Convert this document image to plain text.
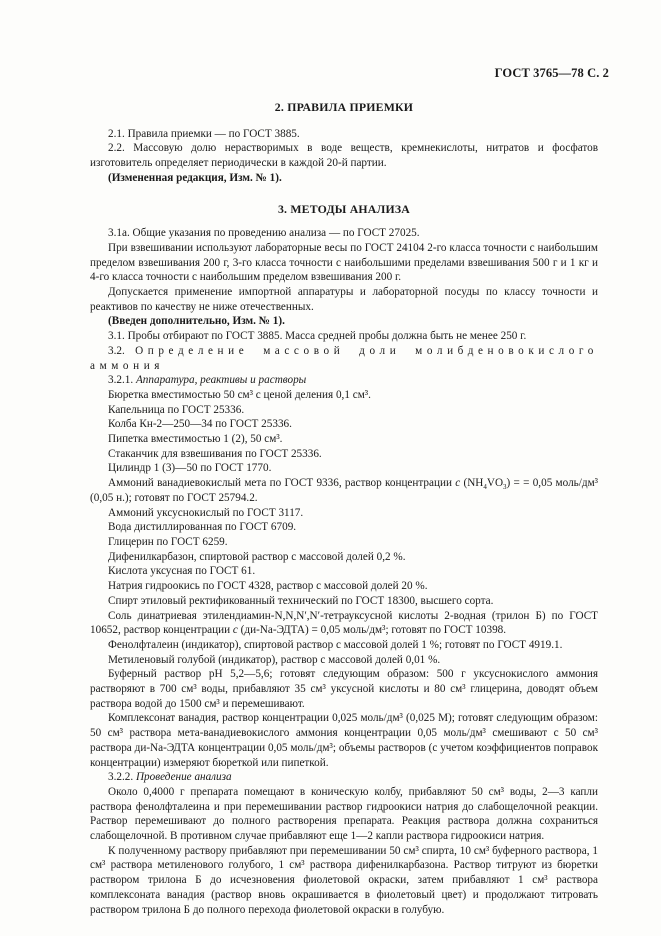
ГОСТ 3765—78 С. 2
2. ПРАВИЛА ПРИЕМКИ

2.1. Правила приемки — по ГОСТ 3885.

2.2. Массовую долю нерастворимых в воде веществ, кремнекислоты, нитратов и фосфатов изготовитель определяет периодически в каждой 20-й партии.

(Измененная редакция, Изм. № 1).

3. МЕТОДЫ АНАЛИЗА

3.1а. Общие указания по проведению анализа — по ГОСТ 27025.

При взвешивании используют лабораторные весы по ГОСТ 24104 2-го класса точности с наибольшим пределом взвешивания 200 г, 3-го класса точности с наибольшими пределами взвешивания 500 г и 1 кг и 4-го класса точности с наибольшим пределом взвешивания 200 г.

Допускается применение импортной аппаратуры и лабораторной посуды по классу точности и реактивов по качеству не ниже отечественных.

(Введен дополнительно, Изм. № 1).

3.1. Пробы отбирают по ГОСТ 3885. Масса средней пробы должна быть не менее 250 г.

3.2. Определение массовой доли молибденовокислого аммония

3.2.1. Аппаратура, реактивы и растворы

Бюретка вместимостью 50 см³ с ценой деления 0,1 см³.

Капельница по ГОСТ 25336.

Колба Кн-2—250—34 по ГОСТ 25336.

Пипетка вместимостью 1 (2), 50 см³.

Стаканчик для взвешивания по ГОСТ 25336.

Цилиндр 1 (3)—50 по ГОСТ 1770.

Аммоний ванадиевокислый мета по ГОСТ 9336, раствор концентрации c $(NH_4VO_3)$ = = 0,05 моль/дм³ (0,05 н.); готовят по ГОСТ 25794.2.

Аммоний уксуснокислый по ГОСТ 3117.

Вода дистиллированная по ГОСТ 6709.

Глицерин по ГОСТ 6259.

Дифенилкарбазон, спиртовой раствор с массовой долей 0,2 %.

Кислота уксусная по ГОСТ 61.

Натрия гидроокись по ГОСТ 4328, раствор с массовой долей 20 %.

Спирт этиловый ректификованный технический по ГОСТ 18300, высшего сорта.

Соль динатриевая этилендиамин-N,N,N′,N′-тетрауксусной кислоты 2-водная (трилон Б) по ГОСТ 10652, раствор концентрации c (ди-Na-ЭДТА) = 0,05 моль/дм³; готовят по ГОСТ 10398.

Фенолфталеин (индикатор), спиртовой раствор с массовой долей 1 %; готовят по ГОСТ 4919.1.

Метиленовый голубой (индикатор), раствор с массовой долей 0,01 %.

Буферный раствор pH 5,2—5,6; готовят следующим образом: 500 г уксуснокислого аммония растворяют в 700 см³ воды, прибавляют 35 см³ уксусной кислоты и 80 см³ глицерина, доводят объем раствора водой до 1500 см³ и перемешивают.

Комплексонат ванадия, раствор концентрации 0,025 моль/дм³ (0,025 М); готовят следующим образом: 50 см³ раствора мета-ванадиевокислого аммония концентрации 0,05 моль/дм³ смешивают с 50 см³ раствора ди-Na-ЭДТА концентрации 0,05 моль/дм³; объемы растворов (с учетом коэффициентов поправок концентрации) измеряют бюреткой или пипеткой.

3.2.2. Проведение анализа

Около 0,4000 г препарата помещают в коническую колбу, прибавляют 50 см³ воды, 2—3 капли раствора фенолфталеина и при перемешивании раствор гидроокиси натрия до слабощелочной реакции. Раствор перемешивают до полного растворения препарата. Реакция раствора должна сохраниться слабощелочной. В противном случае прибавляют еще 1—2 капли раствора гидроокиси натрия.

К полученному раствору прибавляют при перемешивании 50 см³ спирта, 10 см³ буферного раствора, 1 см³ раствора метиленового голубого, 1 см³ раствора дифенилкарбазона. Раствор титруют из бюретки раствором трилона Б до исчезновения фиолетовой окраски, затем прибавляют 1 см³ раствора комплексоната ванадия (раствор вновь окрашивается в фиолетовый цвет) и продолжают титровать раствором трилона Б до полного перехода фиолетовой окраски в голубую.
